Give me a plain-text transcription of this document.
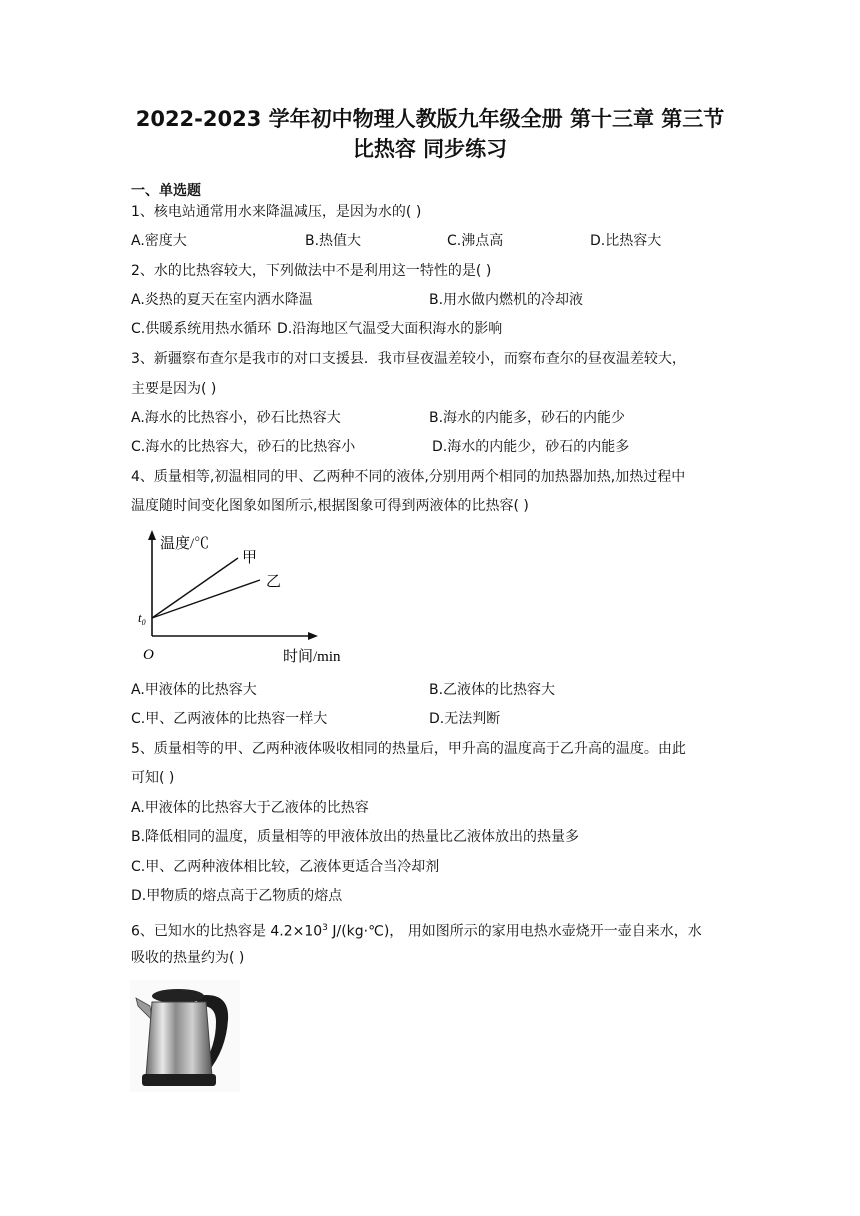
2022-2023 学年初中物理人教版九年级全册 第十三章 第三节
比热容 同步练习
一、单选题
1、核电站通常用水来降温减压，是因为水的( )
A.密度大	B.热值大	C.沸点高	D.比热容大
2、水的比热容较大，下列做法中不是利用这一特性的是( )
A.炎热的夏天在室内洒水降温	B.用水做内燃机的冷却液
C.供暖系统用热水循环 D.沿海地区气温受大面积海水的影响
3、新疆察布查尔是我市的对口支援县．我市昼夜温差较小，而察布查尔的昼夜温差较大，
主要是因为( )
A.海水的比热容小，砂石比热容大	B.海水的内能多，砂石的内能少
C.海水的比热容大，砂石的比热容小	D.海水的内能少，砂石的内能多
4、质量相等,初温相同的甲、乙两种不同的液体,分别用两个相同的加热器加热,加热过程中
温度随时间变化图象如图所示,根据图象可得到两液体的比热容( )
温度/℃
甲
乙
$t_0$
O	时间/min
A.甲液体的比热容大	B.乙液体的比热容大
C.甲、乙两液体的比热容一样大	D.无法判断
5、质量相等的甲、乙两种液体吸收相同的热量后，甲升高的温度高于乙升高的温度。由此
可知( )
A.甲液体的比热容大于乙液体的比热容
B.降低相同的温度，质量相等的甲液体放出的热量比乙液体放出的热量多
C.甲、乙两种液体相比较，乙液体更适合当冷却剂
D.甲物质的熔点高于乙物质的熔点
6、已知水的比热容是 $4.2\times 10^3$ J/(kg·℃)， 用如图所示的家用电热水壶烧开一壶自来水，水
吸收的热量约为( )
